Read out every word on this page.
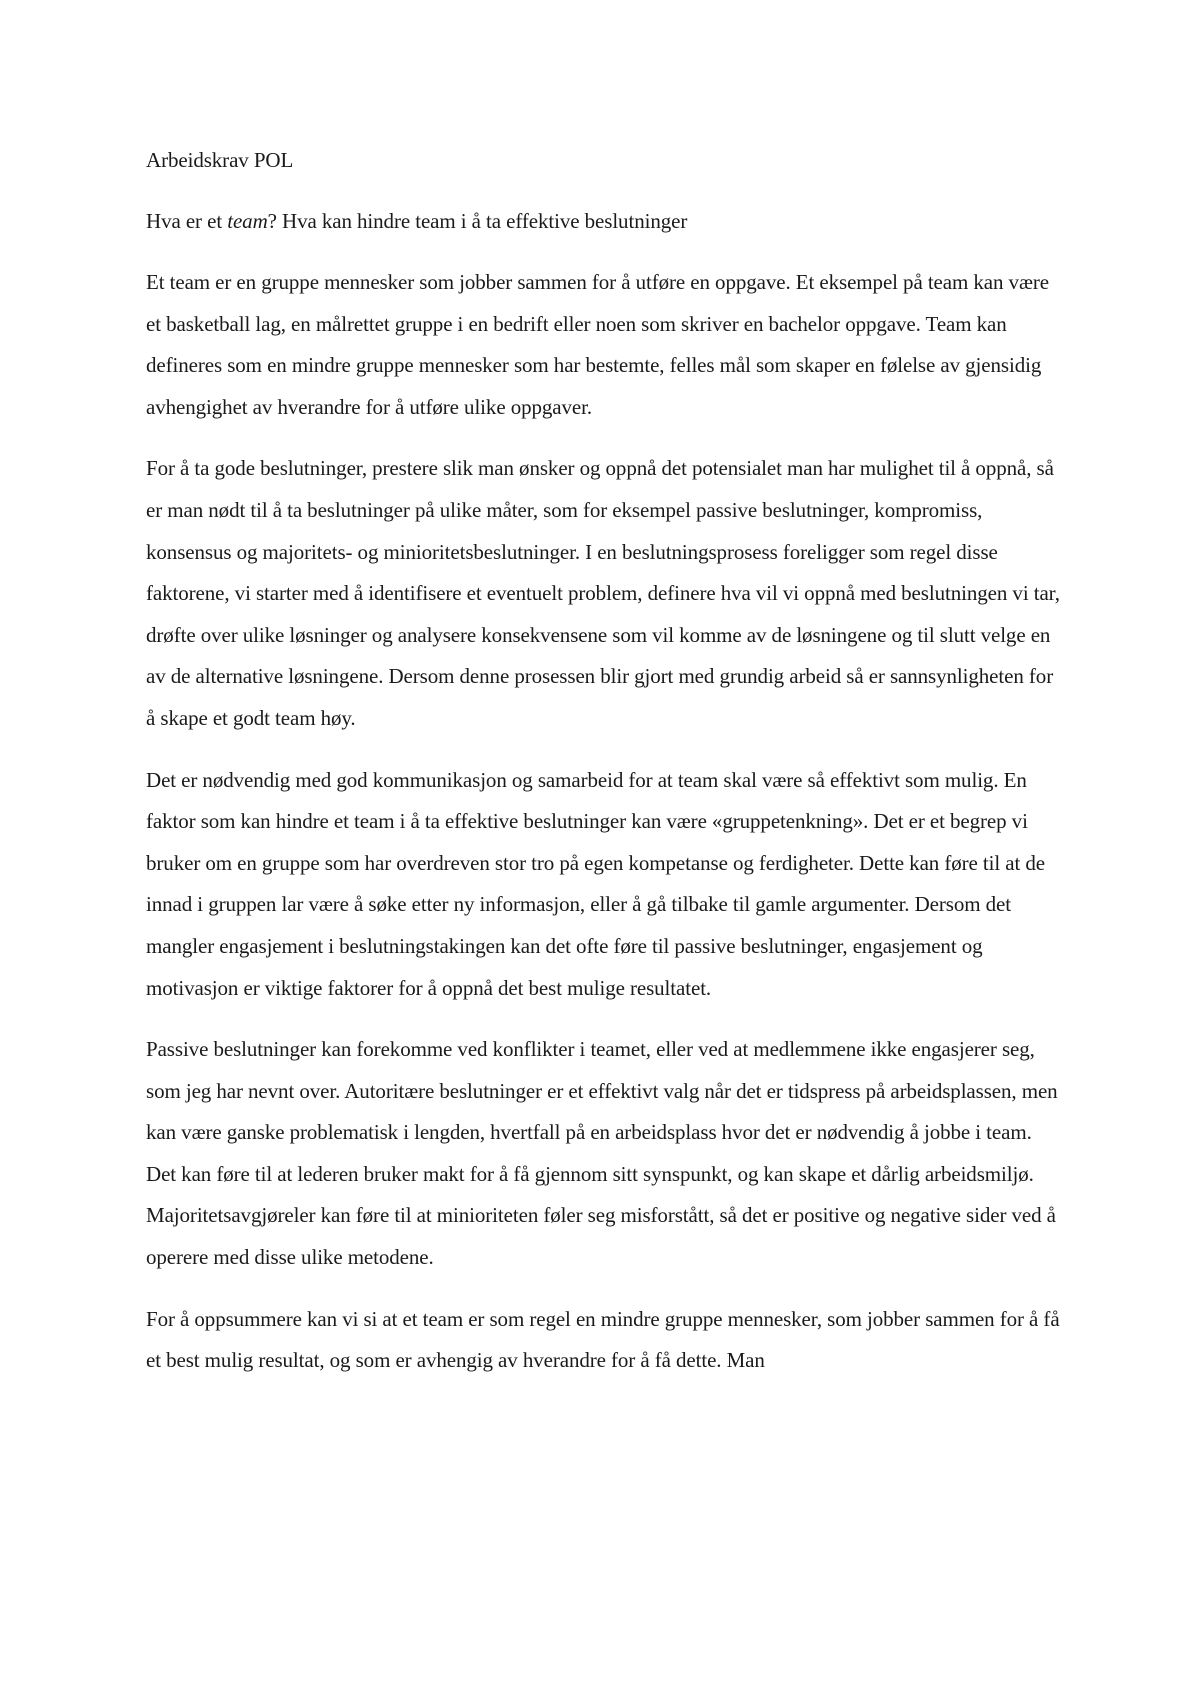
Arbeidskrav POL

Hva er et team? Hva kan hindre team i å ta effektive beslutninger

Et team er en gruppe mennesker som jobber sammen for å utføre en oppgave. Et eksempel på team kan være et basketball lag, en målrettet gruppe i en bedrift eller noen som skriver en bachelor oppgave. Team kan defineres som en mindre gruppe mennesker som har bestemte, felles mål som skaper en følelse av gjensidig avhengighet av hverandre for å utføre ulike oppgaver.

For å ta gode beslutninger, prestere slik man ønsker og oppnå det potensialet man har mulighet til å oppnå, så er man nødt til å ta beslutninger på ulike måter, som for eksempel passive beslutninger, kompromiss, konsensus og majoritets- og minioritetsbeslutninger. I en beslutningsprosess foreligger som regel disse faktorene, vi starter med å identifisere et eventuelt problem, definere hva vil vi oppnå med beslutningen vi tar, drøfte over ulike løsninger og analysere konsekvensene som vil komme av de løsningene og til slutt velge en av de alternative løsningene. Dersom denne prosessen blir gjort med grundig arbeid så er sannsynligheten for å skape et godt team høy.

Det er nødvendig med god kommunikasjon og samarbeid for at team skal være så effektivt som mulig. En faktor som kan hindre et team i å ta effektive beslutninger kan være «gruppetenkning». Det er et begrep vi bruker om en gruppe som har overdreven stor tro på egen kompetanse og ferdigheter. Dette kan føre til at de innad i gruppen lar være å søke etter ny informasjon, eller å gå tilbake til gamle argumenter. Dersom det mangler engasjement i beslutningstakingen kan det ofte føre til passive beslutninger, engasjement og motivasjon er viktige faktorer for å oppnå det best mulige resultatet.

Passive beslutninger kan forekomme ved konflikter i teamet, eller ved at medlemmene ikke engasjerer seg, som jeg har nevnt over. Autoritære beslutninger er et effektivt valg når det er tidspress på arbeidsplassen, men kan være ganske problematisk i lengden, hvertfall på en arbeidsplass hvor det er nødvendig å jobbe i team. Det kan føre til at lederen bruker makt for å få gjennom sitt synspunkt, og kan skape et dårlig arbeidsmiljø. Majoritetsavgjøreler kan føre til at minioriteten føler seg misforstått, så det er positive og negative sider ved å operere med disse ulike metodene.

For å oppsummere kan vi si at et team er som regel en mindre gruppe mennesker, som jobber sammen for å få et best mulig resultat, og som er avhengig av hverandre for å få dette. Man
